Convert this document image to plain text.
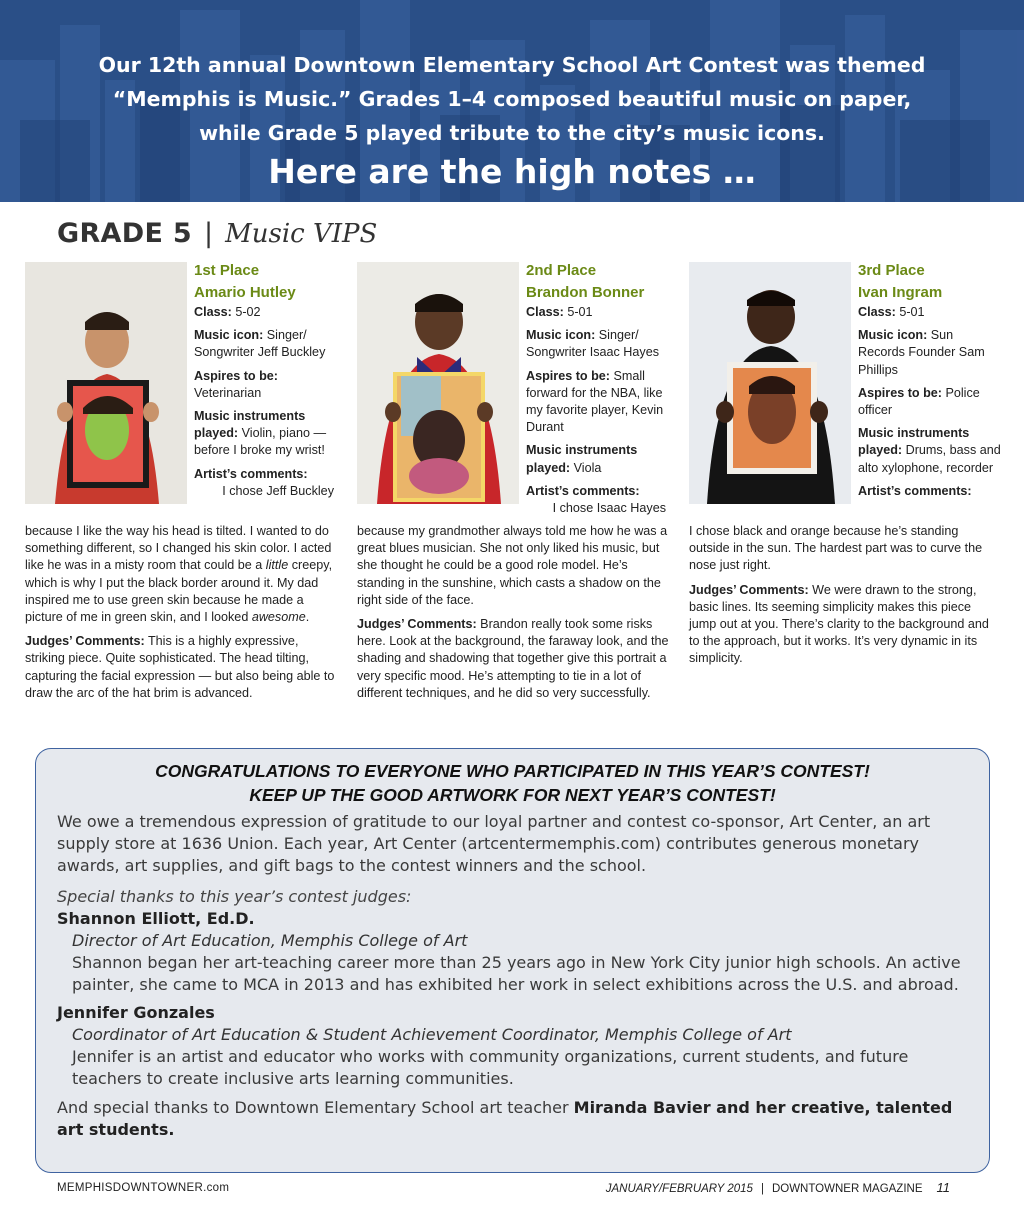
Our 12th annual Downtown Elementary School Art Contest was themed
“Memphis is Music.” Grades 1–4 composed beautiful music on paper,
while Grade 5 played tribute to the city’s music icons.
Here are the high notes …
GRADE 5 | Music VIPS
1st Place
Amario Hutley
Class: 5-02
Music icon: Singer/ Songwriter Jeff Buckley
Aspires to be: Veterinarian
Music instruments played: Violin, piano — before I broke my wrist!
Artist’s comments:
I chose Jeff Buckley

because I like the way his head is tilted. I wanted to do something different, so I changed his skin color. I acted like he was in a misty room that could be a little creepy, which is why I put the black border around it. My dad inspired me to use green skin because he made a picture of me in green skin, and I looked awesome.

Judges’ Comments: This is a highly expressive, striking piece. Quite sophisticated. The head tilting, capturing the facial expression — but also being able to draw the arc of the hat brim is advanced.

2nd Place
Brandon Bonner
Class: 5-01
Music icon: Singer/ Songwriter Isaac Hayes
Aspires to be: Small forward for the NBA, like my favorite player, Kevin Durant
Music instruments played: Viola
Artist’s comments:
I chose Isaac Hayes

because my grandmother always told me how he was a great blues musician. She not only liked his music, but she thought he could be a good role model. He’s standing in the sunshine, which casts a shadow on the right side of the face.

Judges’ Comments: Brandon really took some risks here. Look at the background, the faraway look, and the shading and shadowing that together give this portrait a very specific mood. He’s attempting to tie in a lot of different techniques, and he did so very successfully.

3rd Place
Ivan Ingram
Class: 5-01
Music icon: Sun Records Founder Sam Phillips
Aspires to be: Police officer
Music instruments played: Drums, bass and alto xylophone, recorder
Artist’s comments:

I chose black and orange because he’s standing outside in the sun. The hardest part was to curve the nose just right.

Judges’ Comments: We were drawn to the strong, basic lines. Its seeming simplicity makes this piece jump out at you. There’s clarity to the background and to the approach, but it works. It’s very dynamic in its simplicity.

CONGRATULATIONS TO EVERYONE WHO PARTICIPATED IN THIS YEAR’S CONTEST!
KEEP UP THE GOOD ARTWORK FOR NEXT YEAR’S CONTEST!

We owe a tremendous expression of gratitude to our loyal partner and contest co-sponsor, Art Center, an art supply store at 1636 Union. Each year, Art Center (artcentermemphis.com) contributes generous monetary awards, art supplies, and gift bags to the contest winners and the school.

Special thanks to this year’s contest judges:

Shannon Elliott, Ed.D.

Director of Art Education, Memphis College of Art

Shannon began her art-teaching career more than 25 years ago in New York City junior high schools. An active painter, she came to MCA in 2013 and has exhibited her work in select exhibitions across the U.S. and abroad.

Jennifer Gonzales

Coordinator of Art Education & Student Achievement Coordinator, Memphis College of Art

Jennifer is an artist and educator who works with community organizations, current students, and future teachers to create inclusive arts learning communities.

And special thanks to Downtown Elementary School art teacher Miranda Bavier and her creative, talented art students.

MEMPHISDOWNTOWNER.com	JANUARY/FEBRUARY 2015 | DOWNTOWNER MAGAZINE 11
